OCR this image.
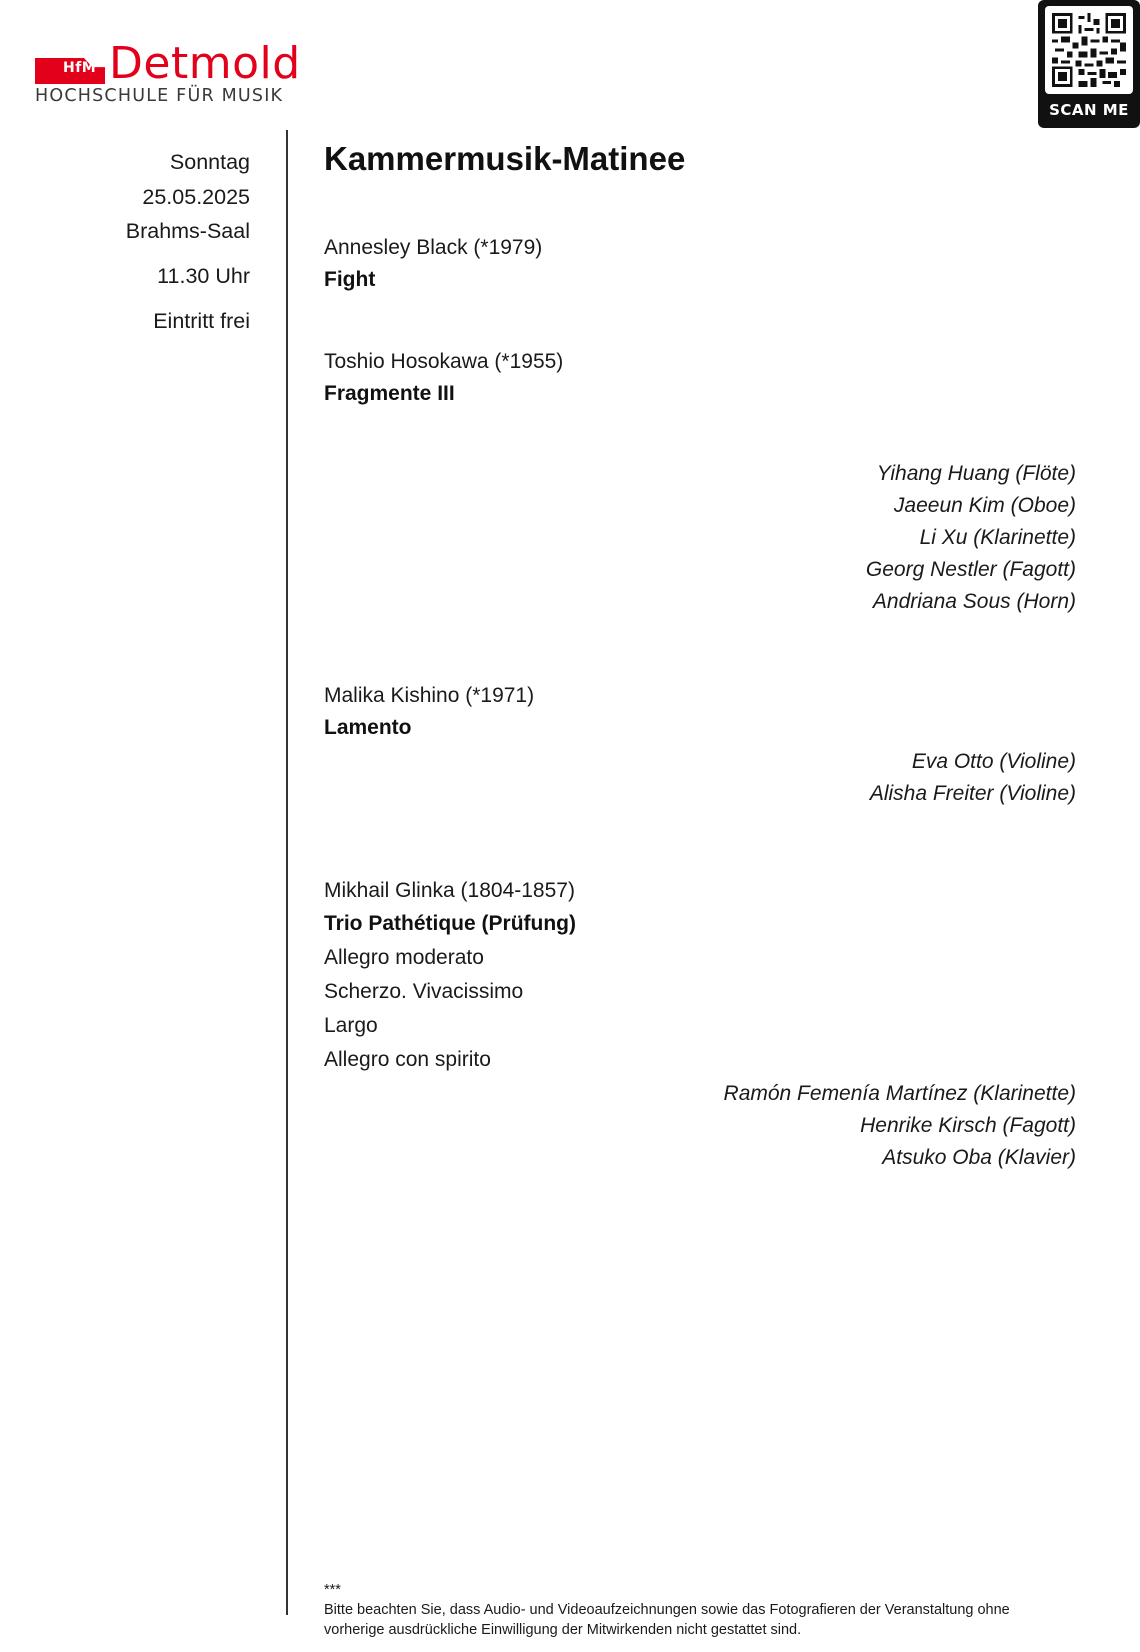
HfM Detmold
HOCHSCHULE FÜR MUSIK
SCAN ME
Sonntag
25.05.2025
Brahms-Saal
11.30 Uhr
Eintritt frei
Kammermusik-Matinee
Annesley Black (*1979)
Fight
Toshio Hosokawa (*1955)
Fragmente III
Yihang Huang (Flöte)
Jaeeun Kim (Oboe)
Li Xu (Klarinette)
Georg Nestler (Fagott)
Andriana Sous (Horn)
Malika Kishino (*1971)
Lamento
Eva Otto (Violine)
Alisha Freiter (Violine)
Mikhail Glinka (1804-1857)
Trio Pathétique (Prüfung)
Allegro moderato
Scherzo. Vivacissimo
Largo
Allegro con spirito
Ramón Femenía Martínez (Klarinette)
Henrike Kirsch (Fagott)
Atsuko Oba (Klavier)
***
Bitte beachten Sie, dass Audio- und Videoaufzeichnungen sowie das Fotografieren der Veranstaltung ohne
vorherige ausdrückliche Einwilligung der Mitwirkenden nicht gestattet sind.
